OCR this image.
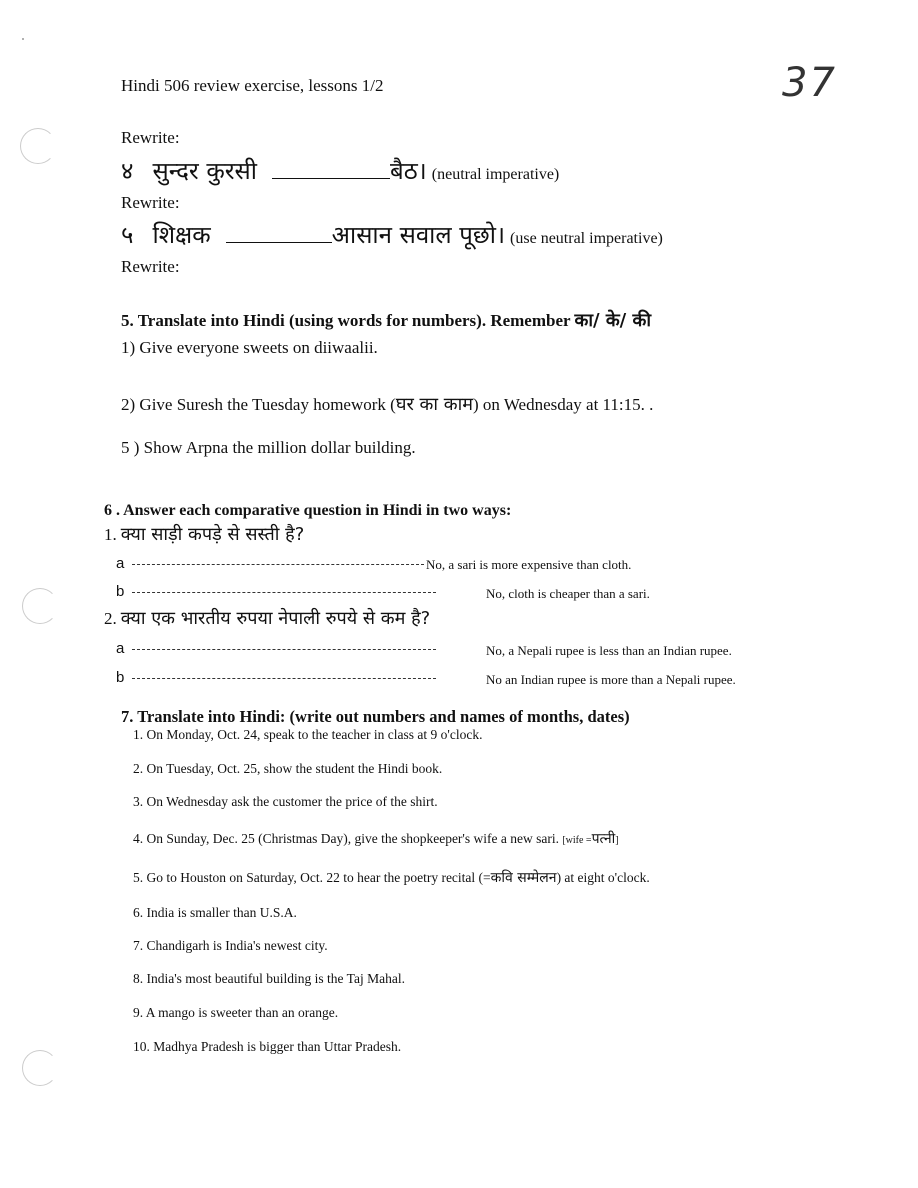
Hindi 506 review exercise, lessons 1/2	37
Rewrite:
४ सुन्दर कुरसी	बैठ। (neutral imperative)
Rewrite:
५ शिक्षक	आसान सवाल पूछो। (use neutral imperative)
Rewrite:
5. Translate into Hindi (using words for numbers). Remember का/ के/ की
1) Give everyone sweets on diiwaalii.
2) Give Suresh the Tuesday homework (घर का काम) on Wednesday at 11:15. .
5 ) Show Arpna the million dollar building.
6 . Answer each comparative question in Hindi in two ways:
1. क्या साड़ी कपड़े से सस्ती है?
a	No, a sari is more expensive than cloth.
b	No, cloth is cheaper than a sari.
2. क्या एक भारतीय रुपया नेपाली रुपये से कम है?
a	No, a Nepali rupee is less than an Indian rupee.
b	No an Indian rupee is more than a Nepali rupee.
7. Translate into Hindi: (write out numbers and names of months, dates)
1. On Monday, Oct. 24, speak to the teacher in class at 9 o'clock.
2. On Tuesday, Oct. 25, show the student the Hindi book.
3. On Wednesday ask the customer the price of the shirt.
4. On Sunday, Dec. 25 (Christmas Day), give the shopkeeper's wife a new sari. [wife =पत्नी]
5. Go to Houston on Saturday, Oct. 22 to hear the poetry recital (=कवि सम्मेलन) at eight o'clock.
6. India is smaller than U.S.A.
7. Chandigarh is India's newest city.
8. India's most beautiful building is the Taj Mahal.
9. A mango is sweeter than an orange.
10. Madhya Pradesh is bigger than Uttar Pradesh.
